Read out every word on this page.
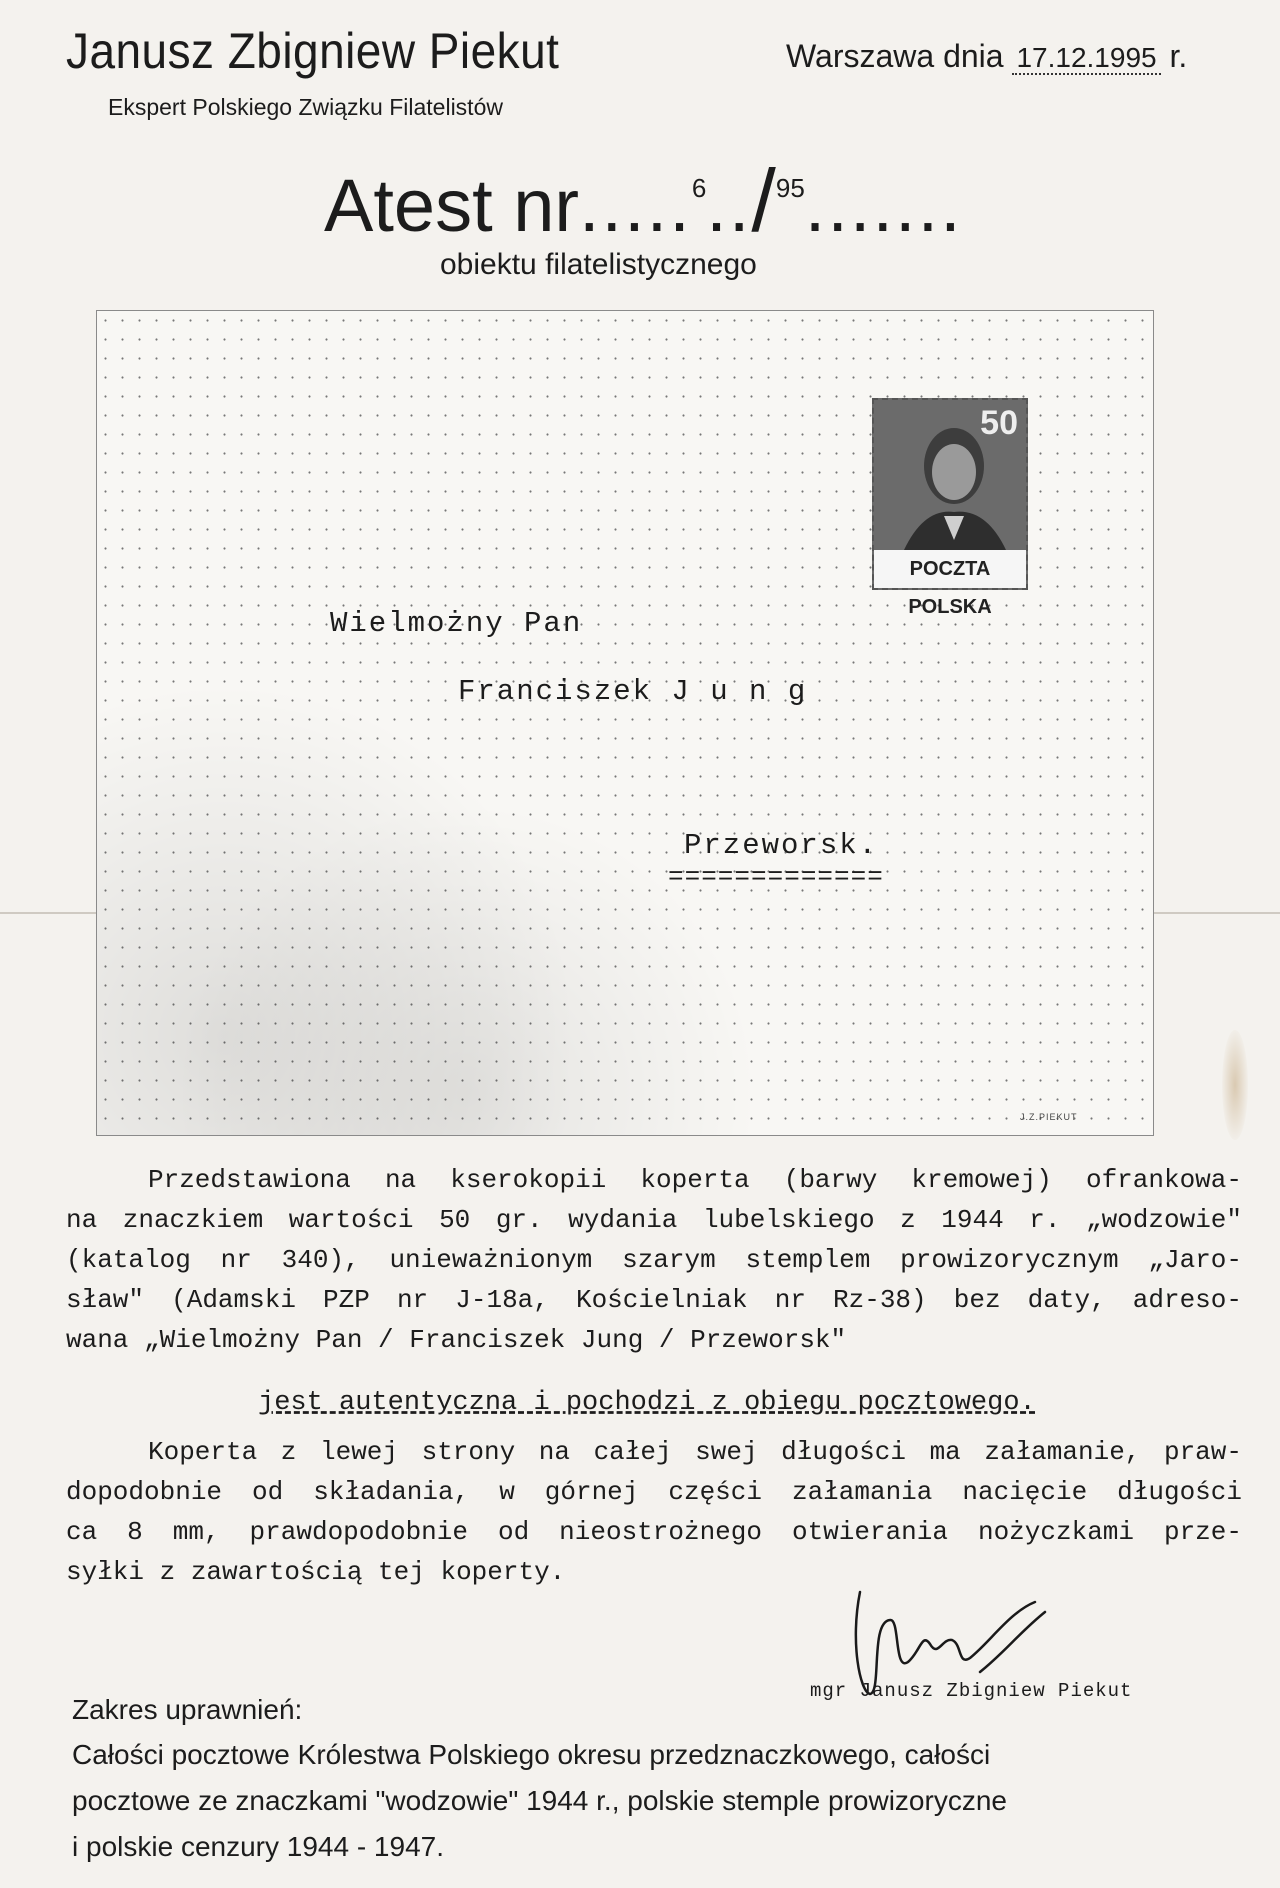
Janusz Zbigniew Piekut
Ekspert Polskiego Związku Filatelistów
Warszawa dnia 17.12.1995 r.
Atest nr.....$^6$../$^{95}$.......
obiektu filatelistycznego
50
POCZTA POLSKA
Wielmożny Pan
Franciszek J u n g
Przeworsk.
=============
J.Z.PIEKUT
Przedstawiona na kserokopii koperta (barwy kremowej) ofrankowa-
na znaczkiem wartości 50 gr. wydania lubelskiego z 1944 r. „wodzowie"
(katalog nr 340), unieważnionym szarym stemplem prowizorycznym „Jaro-
sław" (Adamski PZP nr J-18a, Kościelniak nr Rz-38) bez daty, adreso-
wana „Wielmożny Pan / Franciszek Jung / Przeworsk"
jest autentyczna i pochodzi z obiegu pocztowego.
Koperta z lewej strony na całej swej długości ma załamanie, praw-
dopodobnie od składania, w górnej części załamania nacięcie długości
ca 8 mm, prawdopodobnie od nieostrożnego otwierania nożyczkami prze-
syłki z zawartością tej koperty.
mgr Janusz Zbigniew Piekut
Zakres uprawnień:
Całości pocztowe Królestwa Polskiego okresu przedznaczkowego, całości
pocztowe ze znaczkami "wodzowie" 1944 r., polskie stemple prowizoryczne
i polskie cenzury 1944 - 1947.
